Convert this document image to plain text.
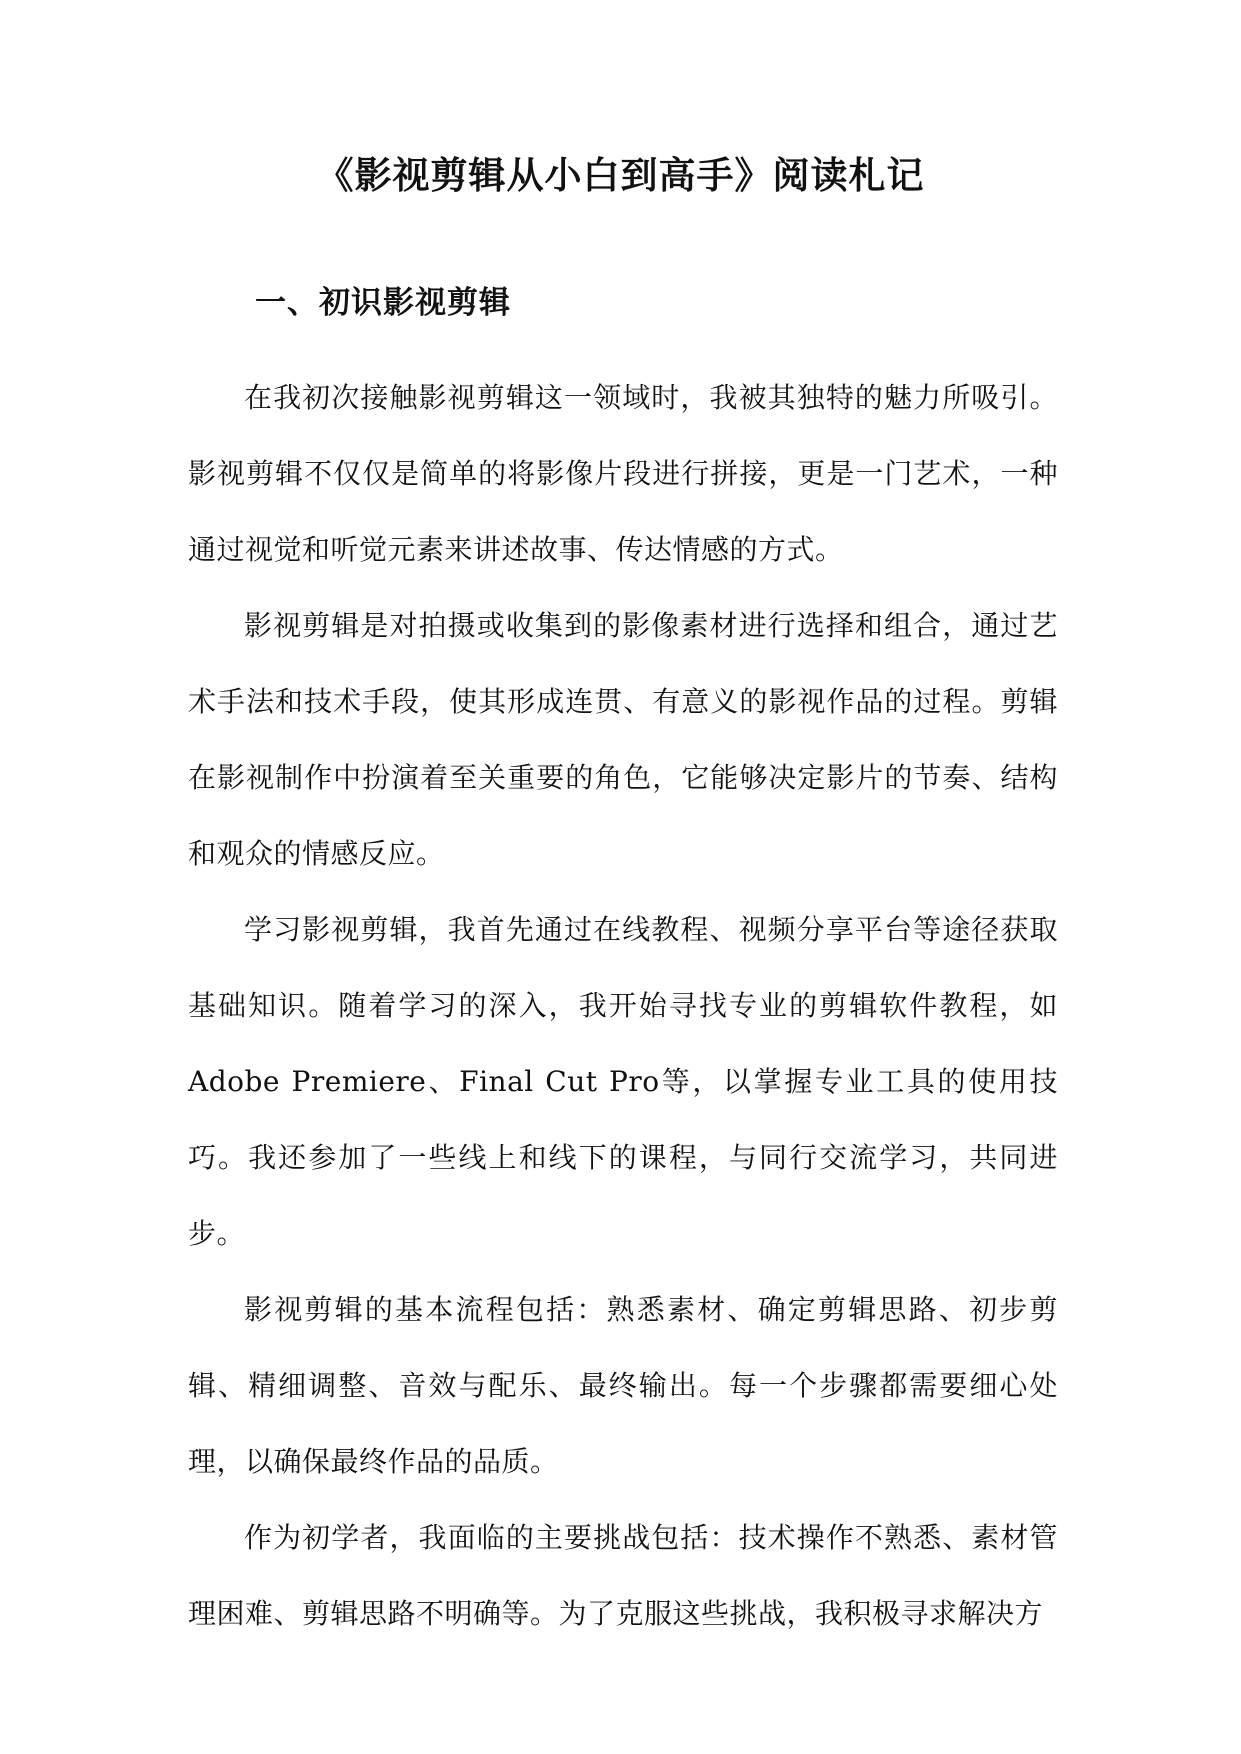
《影视剪辑从小白到高手》阅读札记
一、初识影视剪辑

在我初次接触影视剪辑这一领域时，我被其独特的魅力所吸引。影视剪辑不仅仅是简单的将影像片段进行拼接，更是一门艺术，一种通过视觉和听觉元素来讲述故事、传达情感的方式。

影视剪辑是对拍摄或收集到的影像素材进行选择和组合，通过艺术手法和技术手段，使其形成连贯、有意义的影视作品的过程。剪辑在影视制作中扮演着至关重要的角色，它能够决定影片的节奏、结构和观众的情感反应。

学习影视剪辑，我首先通过在线教程、视频分享平台等途径获取基础知识。随着学习的深入，我开始寻找专业的剪辑软件教程，如Adobe Premiere、Final Cut Pro等，以掌握专业工具的使用技巧。我还参加了一些线上和线下的课程，与同行交流学习，共同进步。

影视剪辑的基本流程包括：熟悉素材、确定剪辑思路、初步剪辑、精细调整、音效与配乐、最终输出。每一个步骤都需要细心处理，以确保最终作品的品质。

作为初学者，我面临的主要挑战包括：技术操作不熟悉、素材管理困难、剪辑思路不明确等。为了克服这些挑战，我积极寻求解决方
